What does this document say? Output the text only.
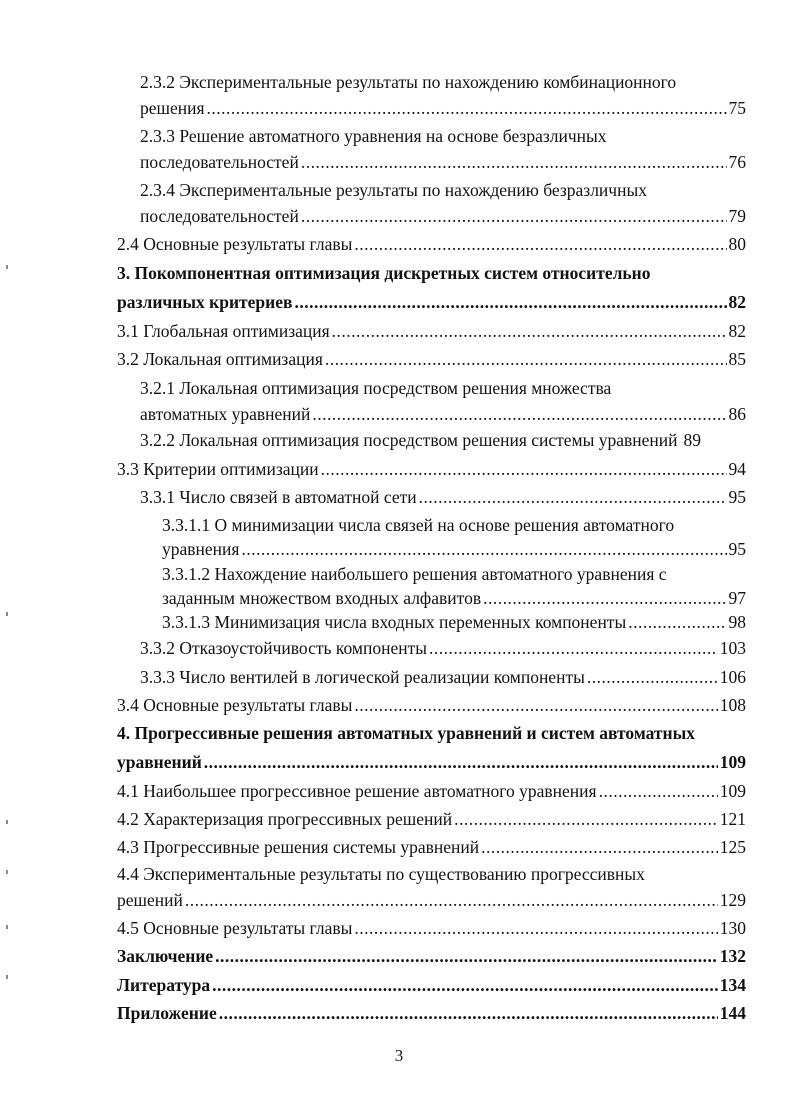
2.3.2 Экспериментальные результаты по нахождению комбинационного
решения .....	75
2.3.3 Решение автоматного уравнения на основе безразличных
последовательностей .....	76
2.3.4 Экспериментальные результаты по нахождению безразличных
последовательностей .....	79
2.4 Основные результаты главы .....	80
3. Покомпонентная оптимизация дискретных систем относительно
различных критериев .....	82
3.1 Глобальная оптимизация .....	82
3.2 Локальная оптимизация .....	85
3.2.1 Локальная оптимизация посредством решения множества
автоматных уравнений .....	86
3.2.2 Локальная оптимизация посредством решения системы уравнений 89
3.3 Критерии оптимизации .....	94
3.3.1 Число связей в автоматной сети .....	95
3.3.1.1 О минимизации числа связей на основе решения автоматного
уравнения .....	95
3.3.1.2 Нахождение наибольшего решения автоматного уравнения с
заданным множеством входных алфавитов .....	97
3.3.1.3 Минимизация числа входных переменных компоненты .....	98
3.3.2 Отказоустойчивость компоненты .....	103
3.3.3 Число вентилей в логической реализации компоненты .....	106
3.4 Основные результаты главы .....	108
4. Прогрессивные решения автоматных уравнений и систем автоматных
уравнений .....	109
4.1 Наибольшее прогрессивное решение автоматного уравнения .....	109
4.2 Характеризация прогрессивных решений .....	121
4.3 Прогрессивные решения системы уравнений .....	125
4.4 Экспериментальные результаты по существованию прогрессивных
решений .....	129
4.5 Основные результаты главы .....	130
Заключение .....	132
Литература .....	134
Приложение .....	144
3
